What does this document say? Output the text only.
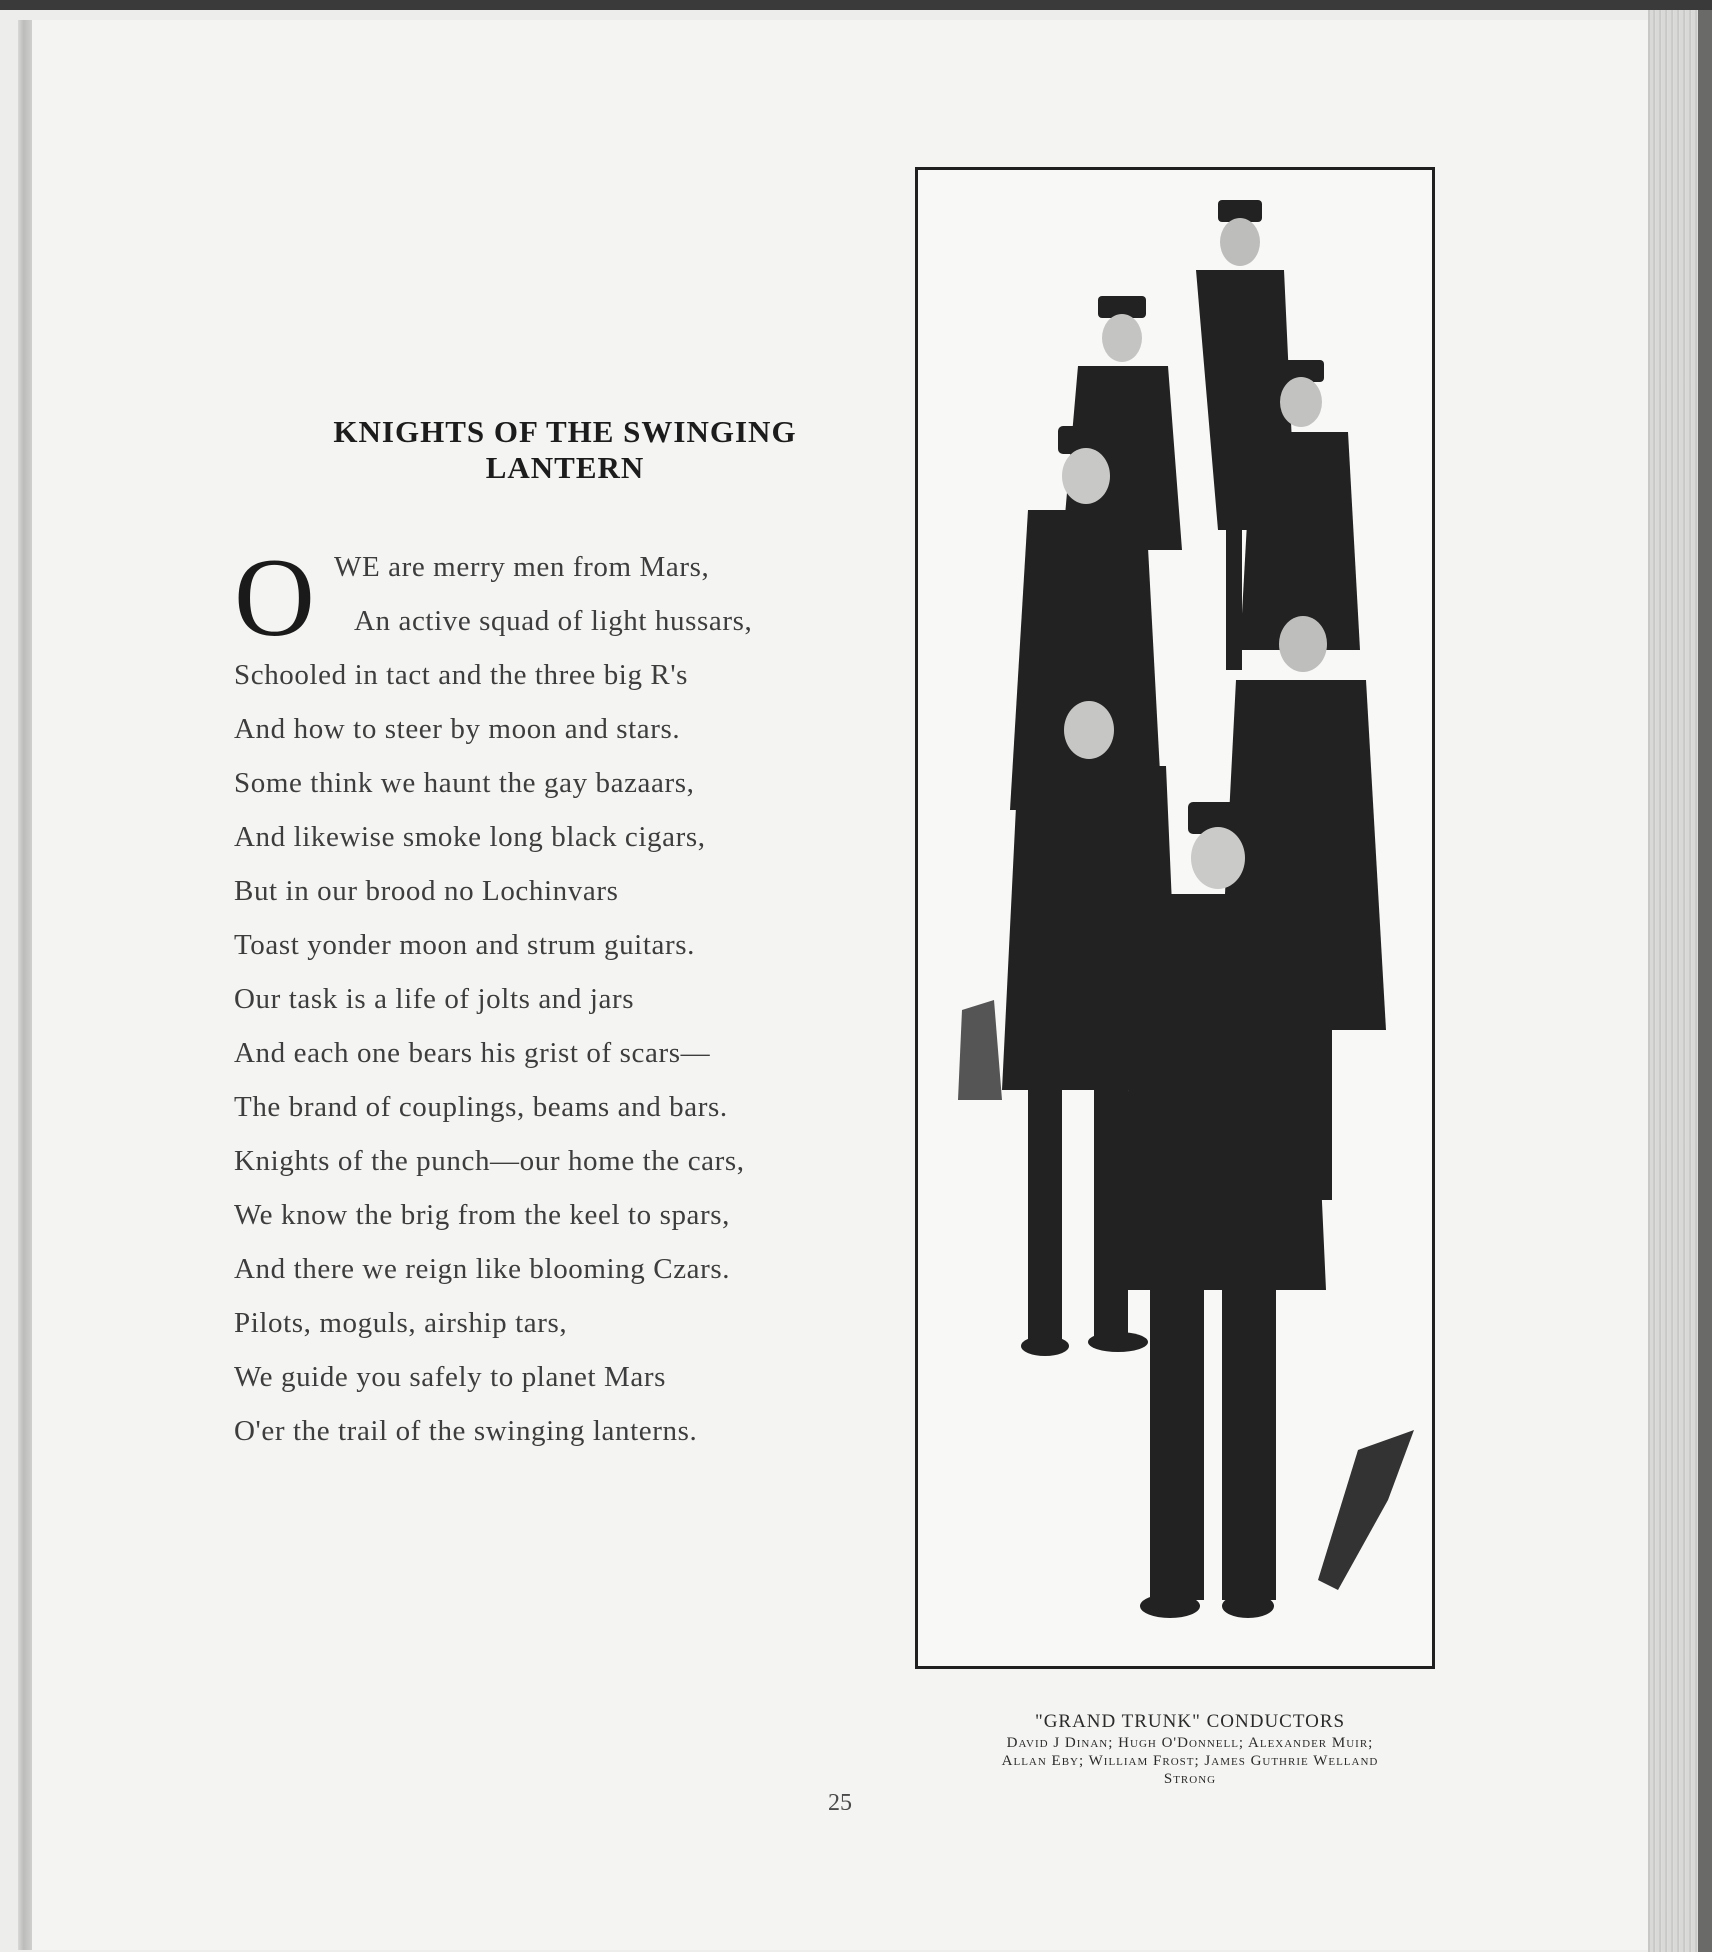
KNIGHTS OF THE SWINGING
LANTERN
O WE are merry men from Mars,
An active squad of light hussars,
Schooled in tact and the three big R's
And how to steer by moon and stars.
Some think we haunt the gay bazaars,
And likewise smoke long black cigars,
But in our brood no Lochinvars
Toast yonder moon and strum guitars.
Our task is a life of jolts and jars
And each one bears his grist of scars—
The brand of couplings, beams and bars.
Knights of the punch—our home the cars,
We know the brig from the keel to spars,
And there we reign like blooming Czars.
Pilots, moguls, airship tars,
We guide you safely to planet Mars
O'er the trail of the swinging lanterns.
"GRAND TRUNK" CONDUCTORS
David J Dinan; Hugh O'Donnell; Alexander Muir; Allan Eby; William Frost; James Guthrie Welland Strong
25
